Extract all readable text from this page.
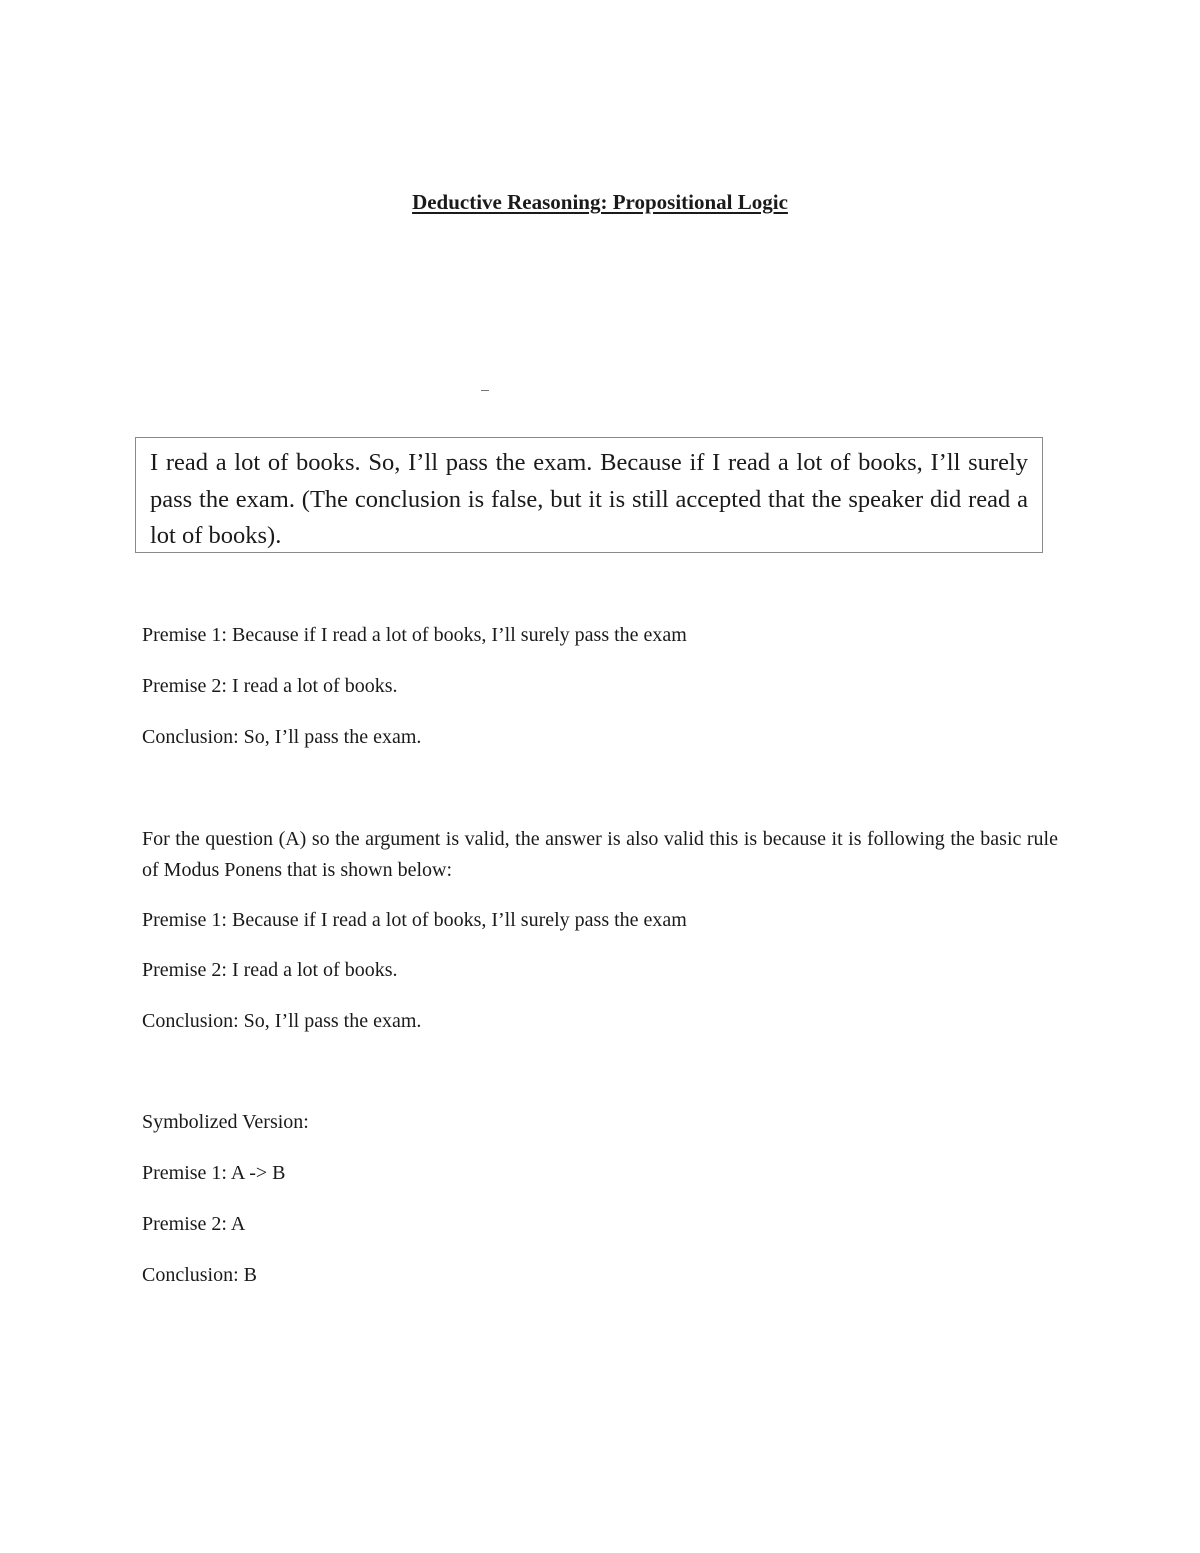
Deductive Reasoning: Propositional Logic

I read a lot of books. So, I’ll pass the exam. Because if I read a lot of books, I’ll surely pass the exam. (The conclusion is false, but it is still accepted that the speaker did read a lot of books).

Premise 1: Because if I read a lot of books, I’ll surely pass the exam
Premise 2: I read a lot of books.
Conclusion: So, I’ll pass the exam.

For the question (A) so the argument is valid, the answer is also valid this is because it is following the basic rule of Modus Ponens that is shown below:

Premise 1: Because if I read a lot of books, I’ll surely pass the exam
Premise 2: I read a lot of books.
Conclusion: So, I’ll pass the exam.
Symbolized Version:
Premise 1: A -> B
Premise 2: A
Conclusion: B
